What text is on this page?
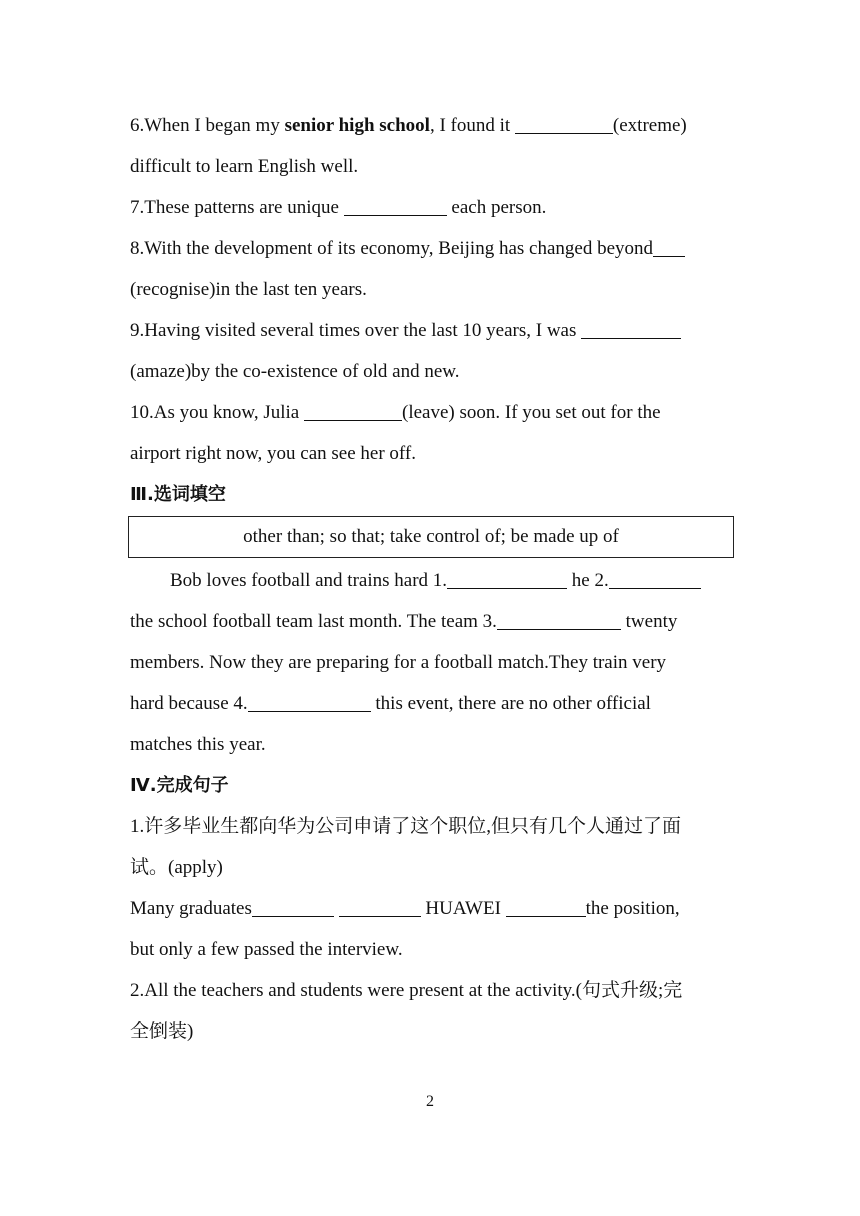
6.When I began my senior high school, I found it	(extreme)
difficult to learn English well.
7.These patterns are unique	each person.
8.With the development of its economy, Beijing has changed beyond
(recognise)in the last ten years.
9.Having visited several times over the last 10 years, I was
(amaze)by the co-existence of old and new.
10.As you know, Julia	(leave) soon. If you set out for the
airport right now, you can see her off.
Ⅲ.选词填空
other than; so that; take control of; be made up of
Bob loves football and trains hard 1.	he 2.
the school football team last month. The team 3.	twenty
members. Now they are preparing for a football match.They train very
hard because 4.	this event, there are no other official
matches this year.
Ⅳ.完成句子
1.许多毕业生都向华为公司申请了这个职位,但只有几个人通过了面
试。(apply)
Many graduates	HUAWEI	the position,
but only a few passed the interview.
2.All the teachers and students were present at the activity.(句式升级;完
全倒装)
2
